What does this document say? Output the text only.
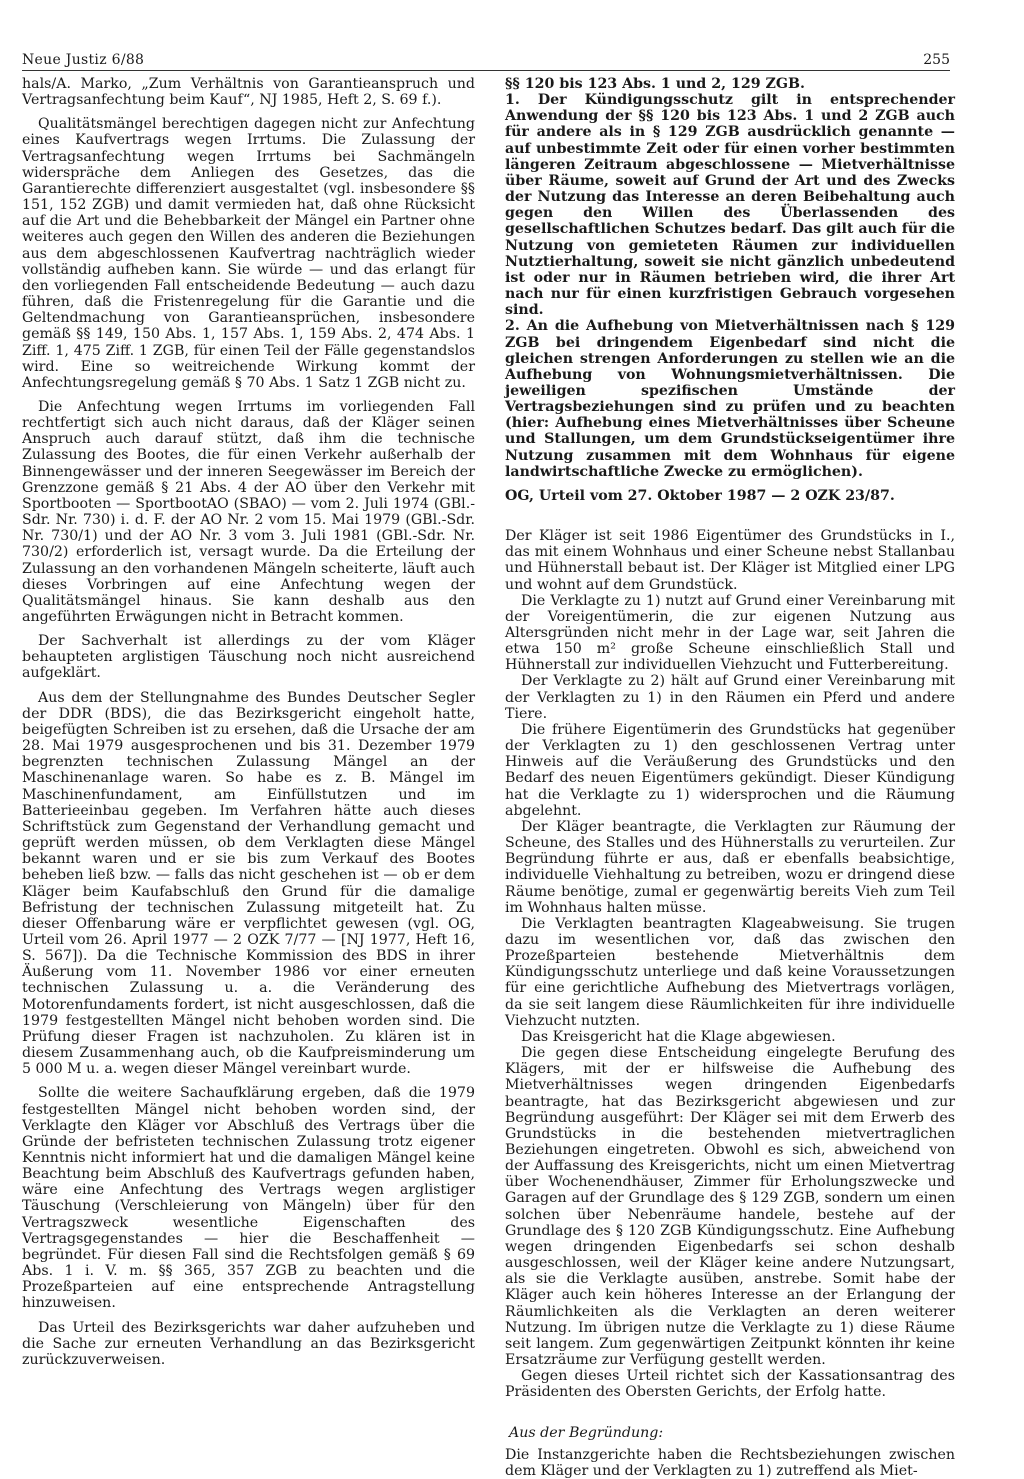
Neue Justiz 6/88	255

hals/A. Marko, „Zum Verhältnis von Garantieanspruch und Vertragsanfechtung beim Kauf“, NJ 1985, Heft 2, S. 69 f.).

Qualitätsmängel berechtigen dagegen nicht zur Anfechtung eines Kaufvertrags wegen Irrtums. Die Zulassung der Vertragsanfechtung wegen Irrtums bei Sachmängeln widerspräche dem Anliegen des Gesetzes, das die Garantierechte differenziert ausgestaltet (vgl. insbesondere §§ 151, 152 ZGB) und damit vermieden hat, daß ohne Rücksicht auf die Art und die Behebbarkeit der Mängel ein Partner ohne weiteres auch gegen den Willen des anderen die Beziehungen aus dem abgeschlossenen Kaufvertrag nachträglich wieder vollständig aufheben kann. Sie würde — und das erlangt für den vorliegenden Fall entscheidende Bedeutung — auch dazu führen, daß die Fristenregelung für die Garantie und die Geltendmachung von Garantieansprüchen, insbesondere gemäß §§ 149, 150 Abs. 1, 157 Abs. 1, 159 Abs. 2, 474 Abs. 1 Ziff. 1, 475 Ziff. 1 ZGB, für einen Teil der Fälle gegenstandslos wird. Eine so weitreichende Wirkung kommt der Anfechtungsregelung gemäß § 70 Abs. 1 Satz 1 ZGB nicht zu.

Die Anfechtung wegen Irrtums im vorliegenden Fall rechtfertigt sich auch nicht daraus, daß der Kläger seinen Anspruch auch darauf stützt, daß ihm die technische Zulassung des Bootes, die für einen Verkehr außerhalb der Binnengewässer und der inneren Seegewässer im Bereich der Grenzzone gemäß § 21 Abs. 4 der AO über den Verkehr mit Sportbooten — SportbootAO (SBAO) — vom 2. Juli 1974 (GBl.-Sdr. Nr. 730) i. d. F. der AO Nr. 2 vom 15. Mai 1979 (GBl.-Sdr. Nr. 730/1) und der AO Nr. 3 vom 3. Juli 1981 (GBl.-Sdr. Nr. 730/2) erforderlich ist, versagt wurde. Da die Erteilung der Zulassung an den vorhandenen Mängeln scheiterte, läuft auch dieses Vorbringen auf eine Anfechtung wegen der Qualitätsmängel hinaus. Sie kann deshalb aus den angeführten Erwägungen nicht in Betracht kommen.

Der Sachverhalt ist allerdings zu der vom Kläger behaupteten arglistigen Täuschung noch nicht ausreichend aufgeklärt.

Aus dem der Stellungnahme des Bundes Deutscher Segler der DDR (BDS), die das Bezirksgericht eingeholt hatte, beigefügten Schreiben ist zu ersehen, daß die Ursache der am 28. Mai 1979 ausgesprochenen und bis 31. Dezember 1979 begrenzten technischen Zulassung Mängel an der Maschinenanlage waren. So habe es z. B. Mängel im Maschinenfundament, am Einfüllstutzen und im Batterieeinbau gegeben. Im Verfahren hätte auch dieses Schriftstück zum Gegenstand der Verhandlung gemacht und geprüft werden müssen, ob dem Verklagten diese Mängel bekannt waren und er sie bis zum Verkauf des Bootes beheben ließ bzw. — falls das nicht geschehen ist — ob er dem Kläger beim Kaufabschluß den Grund für die damalige Befristung der technischen Zulassung mitgeteilt hat. Zu dieser Offenbarung wäre er verpflichtet gewesen (vgl. OG, Urteil vom 26. April 1977 — 2 OZK 7/77 — [NJ 1977, Heft 16, S. 567]). Da die Technische Kommission des BDS in ihrer Äußerung vom 11. November 1986 vor einer erneuten technischen Zulassung u. a. die Veränderung des Motorenfundaments fordert, ist nicht ausgeschlossen, daß die 1979 festgestellten Mängel nicht behoben worden sind. Die Prüfung dieser Fragen ist nachzuholen. Zu klären ist in diesem Zusammenhang auch, ob die Kaufpreisminderung um 5 000 M u. a. wegen dieser Mängel vereinbart wurde.

Sollte die weitere Sachaufklärung ergeben, daß die 1979 festgestellten Mängel nicht behoben worden sind, der Verklagte den Kläger vor Abschluß des Vertrags über die Gründe der befristeten technischen Zulassung trotz eigener Kenntnis nicht informiert hat und die damaligen Mängel keine Beachtung beim Abschluß des Kaufvertrags gefunden haben, wäre eine Anfechtung des Vertrags wegen arglistiger Täuschung (Verschleierung von Mängeln) über für den Vertragszweck wesentliche Eigenschaften des Vertragsgegenstandes — hier die Beschaffenheit — begründet. Für diesen Fall sind die Rechtsfolgen gemäß § 69 Abs. 1 i. V. m. §§ 365, 357 ZGB zu beachten und die Prozeßparteien auf eine entsprechende Antragstellung hinzuweisen.

Das Urteil des Bezirksgerichts war daher aufzuheben und die Sache zur erneuten Verhandlung an das Bezirksgericht zurückzuverweisen.

§§ 120 bis 123 Abs. 1 und 2, 129 ZGB.

1. Der Kündigungsschutz gilt in entsprechender Anwendung der §§ 120 bis 123 Abs. 1 und 2 ZGB auch für andere als in § 129 ZGB ausdrücklich genannte — auf unbestimmte Zeit oder für einen vorher bestimmten längeren Zeitraum abgeschlossene — Mietverhältnisse über Räume, soweit auf Grund der Art und des Zwecks der Nutzung das Interesse an deren Beibehaltung auch gegen den Willen des Überlassenden des gesellschaftlichen Schutzes bedarf. Das gilt auch für die Nutzung von gemieteten Räumen zur individuellen Nutztierhaltung, soweit sie nicht gänzlich unbedeutend ist oder nur in Räumen betrieben wird, die ihrer Art nach nur für einen kurzfristigen Gebrauch vorgesehen sind.

2. An die Aufhebung von Mietverhältnissen nach § 129 ZGB bei dringendem Eigenbedarf sind nicht die gleichen strengen Anforderungen zu stellen wie an die Aufhebung von Wohnungsmietverhältnissen. Die jeweiligen spezifischen Umstände der Vertragsbeziehungen sind zu prüfen und zu beachten (hier: Aufhebung eines Mietverhältnisses über Scheune und Stallungen, um dem Grundstückseigentümer ihre Nutzung zusammen mit dem Wohnhaus für eigene landwirtschaftliche Zwecke zu ermöglichen).

OG, Urteil vom 27. Oktober 1987 — 2 OZK 23/87.

Der Kläger ist seit 1986 Eigentümer des Grundstücks in I., das mit einem Wohnhaus und einer Scheune nebst Stallanbau und Hühnerstall bebaut ist. Der Kläger ist Mitglied einer LPG und wohnt auf dem Grundstück.

Die Verklagte zu 1) nutzt auf Grund einer Vereinbarung mit der Voreigentümerin, die zur eigenen Nutzung aus Altersgründen nicht mehr in der Lage war, seit Jahren die etwa 150 m² große Scheune einschließlich Stall und Hühnerstall zur individuellen Viehzucht und Futterbereitung.

Der Verklagte zu 2) hält auf Grund einer Vereinbarung mit der Verklagten zu 1) in den Räumen ein Pferd und andere Tiere.

Die frühere Eigentümerin des Grundstücks hat gegenüber der Verklagten zu 1) den geschlossenen Vertrag unter Hinweis auf die Veräußerung des Grundstücks und den Bedarf des neuen Eigentümers gekündigt. Dieser Kündigung hat die Verklagte zu 1) widersprochen und die Räumung abgelehnt.

Der Kläger beantragte, die Verklagten zur Räumung der Scheune, des Stalles und des Hühnerstalls zu verurteilen. Zur Begründung führte er aus, daß er ebenfalls beabsichtige, individuelle Viehhaltung zu betreiben, wozu er dringend diese Räume benötige, zumal er gegenwärtig bereits Vieh zum Teil im Wohnhaus halten müsse.

Die Verklagten beantragten Klageabweisung. Sie trugen dazu im wesentlichen vor, daß das zwischen den Prozeßparteien bestehende Mietverhältnis dem Kündigungsschutz unterliege und daß keine Voraussetzungen für eine gerichtliche Aufhebung des Mietvertrags vorlägen, da sie seit langem diese Räumlichkeiten für ihre individuelle Viehzucht nutzten.

Das Kreisgericht hat die Klage abgewiesen.

Die gegen diese Entscheidung eingelegte Berufung des Klägers, mit der er hilfsweise die Aufhebung des Mietverhältnisses wegen dringenden Eigenbedarfs beantragte, hat das Bezirksgericht abgewiesen und zur Begründung ausgeführt: Der Kläger sei mit dem Erwerb des Grundstücks in die bestehenden mietvertraglichen Beziehungen eingetreten. Obwohl es sich, abweichend von der Auffassung des Kreisgerichts, nicht um einen Mietvertrag über Wochenendhäuser, Zimmer für Erholungszwecke und Garagen auf der Grundlage des § 129 ZGB, sondern um einen solchen über Nebenräume handele, bestehe auf der Grundlage des § 120 ZGB Kündigungsschutz. Eine Aufhebung wegen dringenden Eigenbedarfs sei schon deshalb ausgeschlossen, weil der Kläger keine andere Nutzungsart, als sie die Verklagte ausüben, anstrebe. Somit habe der Kläger auch kein höheres Interesse an der Erlangung der Räumlichkeiten als die Verklagten an deren weiterer Nutzung. Im übrigen nutze die Verklagte zu 1) diese Räume seit langem. Zum gegenwärtigen Zeitpunkt könnten ihr keine Ersatzräume zur Verfügung gestellt werden.

Gegen dieses Urteil richtet sich der Kassationsantrag des Präsidenten des Obersten Gerichts, der Erfolg hatte.

Aus der Begründung:

Die Instanzgerichte haben die Rechtsbeziehungen zwischen dem Kläger und der Verklagten zu 1) zutreffend als Miet-
